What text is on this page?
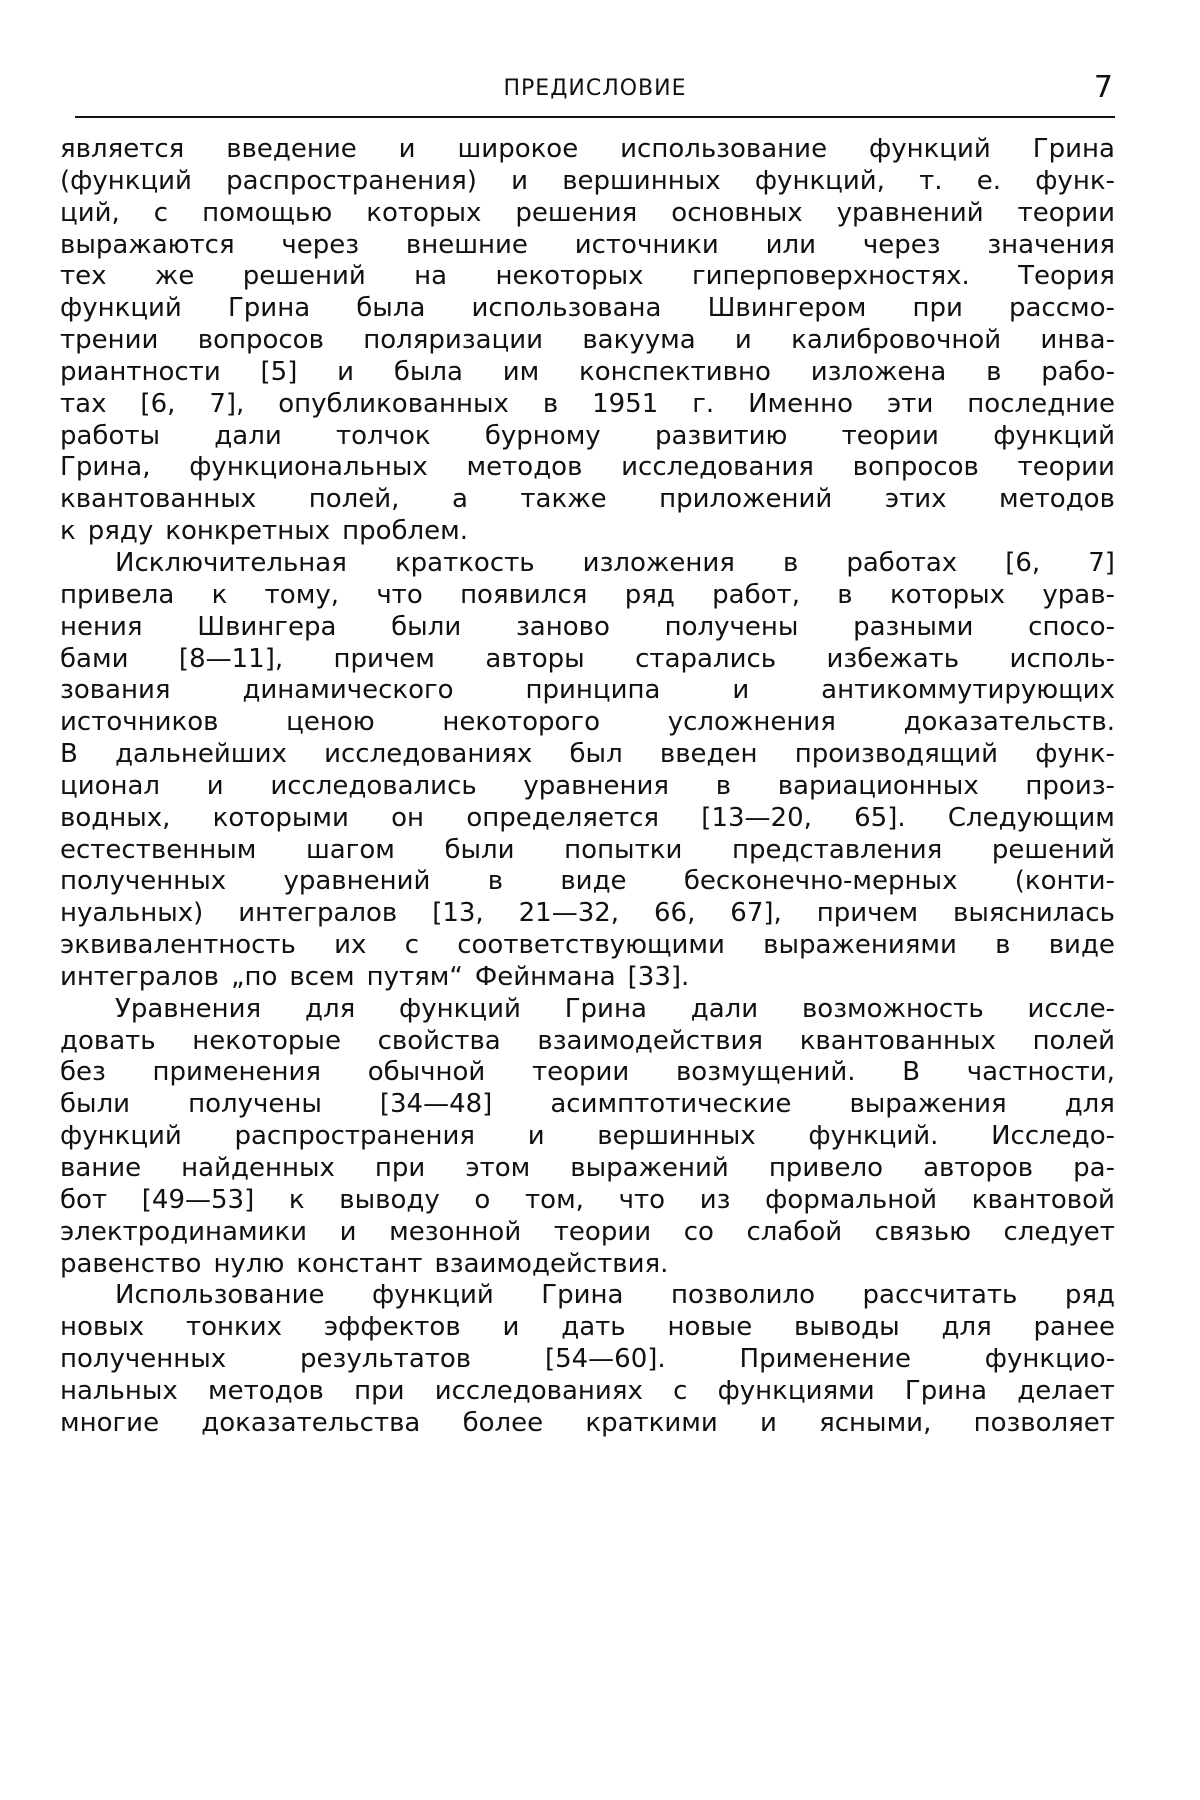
ПРЕДИСЛОВИЕ	7
является введение и широкое использование функций Грина
(функций распространения) и вершинных функций, т. е. функ-
ций, с помощью которых решения основных уравнений теории
выражаются через внешние источники или через значения
тех же решений на некоторых гиперповерхностях. Теория
функций Грина была использована Швингером при рассмо-
трении вопросов поляризации вакуума и калибровочной инва-
риантности [5] и была им конспективно изложена в рабо-
тах [6, 7], опубликованных в 1951 г. Именно эти последние
работы дали толчок бурному развитию теории функций
Грина, функциональных методов исследования вопросов теории
квантованных полей, а также приложений этих методов
к ряду конкретных проблем.
Исключительная краткость изложения в работах [6, 7]
привела к тому, что появился ряд работ, в которых урав-
нения Швингера были заново получены разными спосо-
бами [8—11], причем авторы старались избежать исполь-
зования	динамического	принципа	и	антикоммутирующих
источников	ценою	некоторого	усложнения	доказательств.
В дальнейших исследованиях был введен производящий функ-
ционал и исследовались уравнения в вариационных произ-
водных, которыми он определяется [13—20, 65]. Следующим
естественным шагом были попытки представления решений
полученных уравнений в виде бесконечно-мерных (конти-
нуальных) интегралов [13, 21—32, 66, 67], причем выяснилась
эквивалентность их с соответствующими выражениями в виде
интегралов „по всем путям“ Фейнмана [33].
Уравнения для функций Грина дали возможность иссле-
довать некоторые свойства взаимодействия квантованных полей
без применения обычной теории возмущений. В частности,
были получены [34—48] асимптотические выражения для
функций распространения и вершинных функций. Исследо-
вание найденных при этом выражений привело авторов ра-
бот [49—53] к выводу о том, что из формальной квантовой
электродинамики и мезонной теории со слабой связью следует
равенство нулю констант взаимодействия.
Использование функций Грина позволило рассчитать ряд
новых тонких эффектов и дать новые выводы для ранее
полученных	результатов	[54—60].	Применение	функцио-
нальных методов при исследованиях с функциями Грина делает
многие доказательства более краткими и ясными, позволяет
